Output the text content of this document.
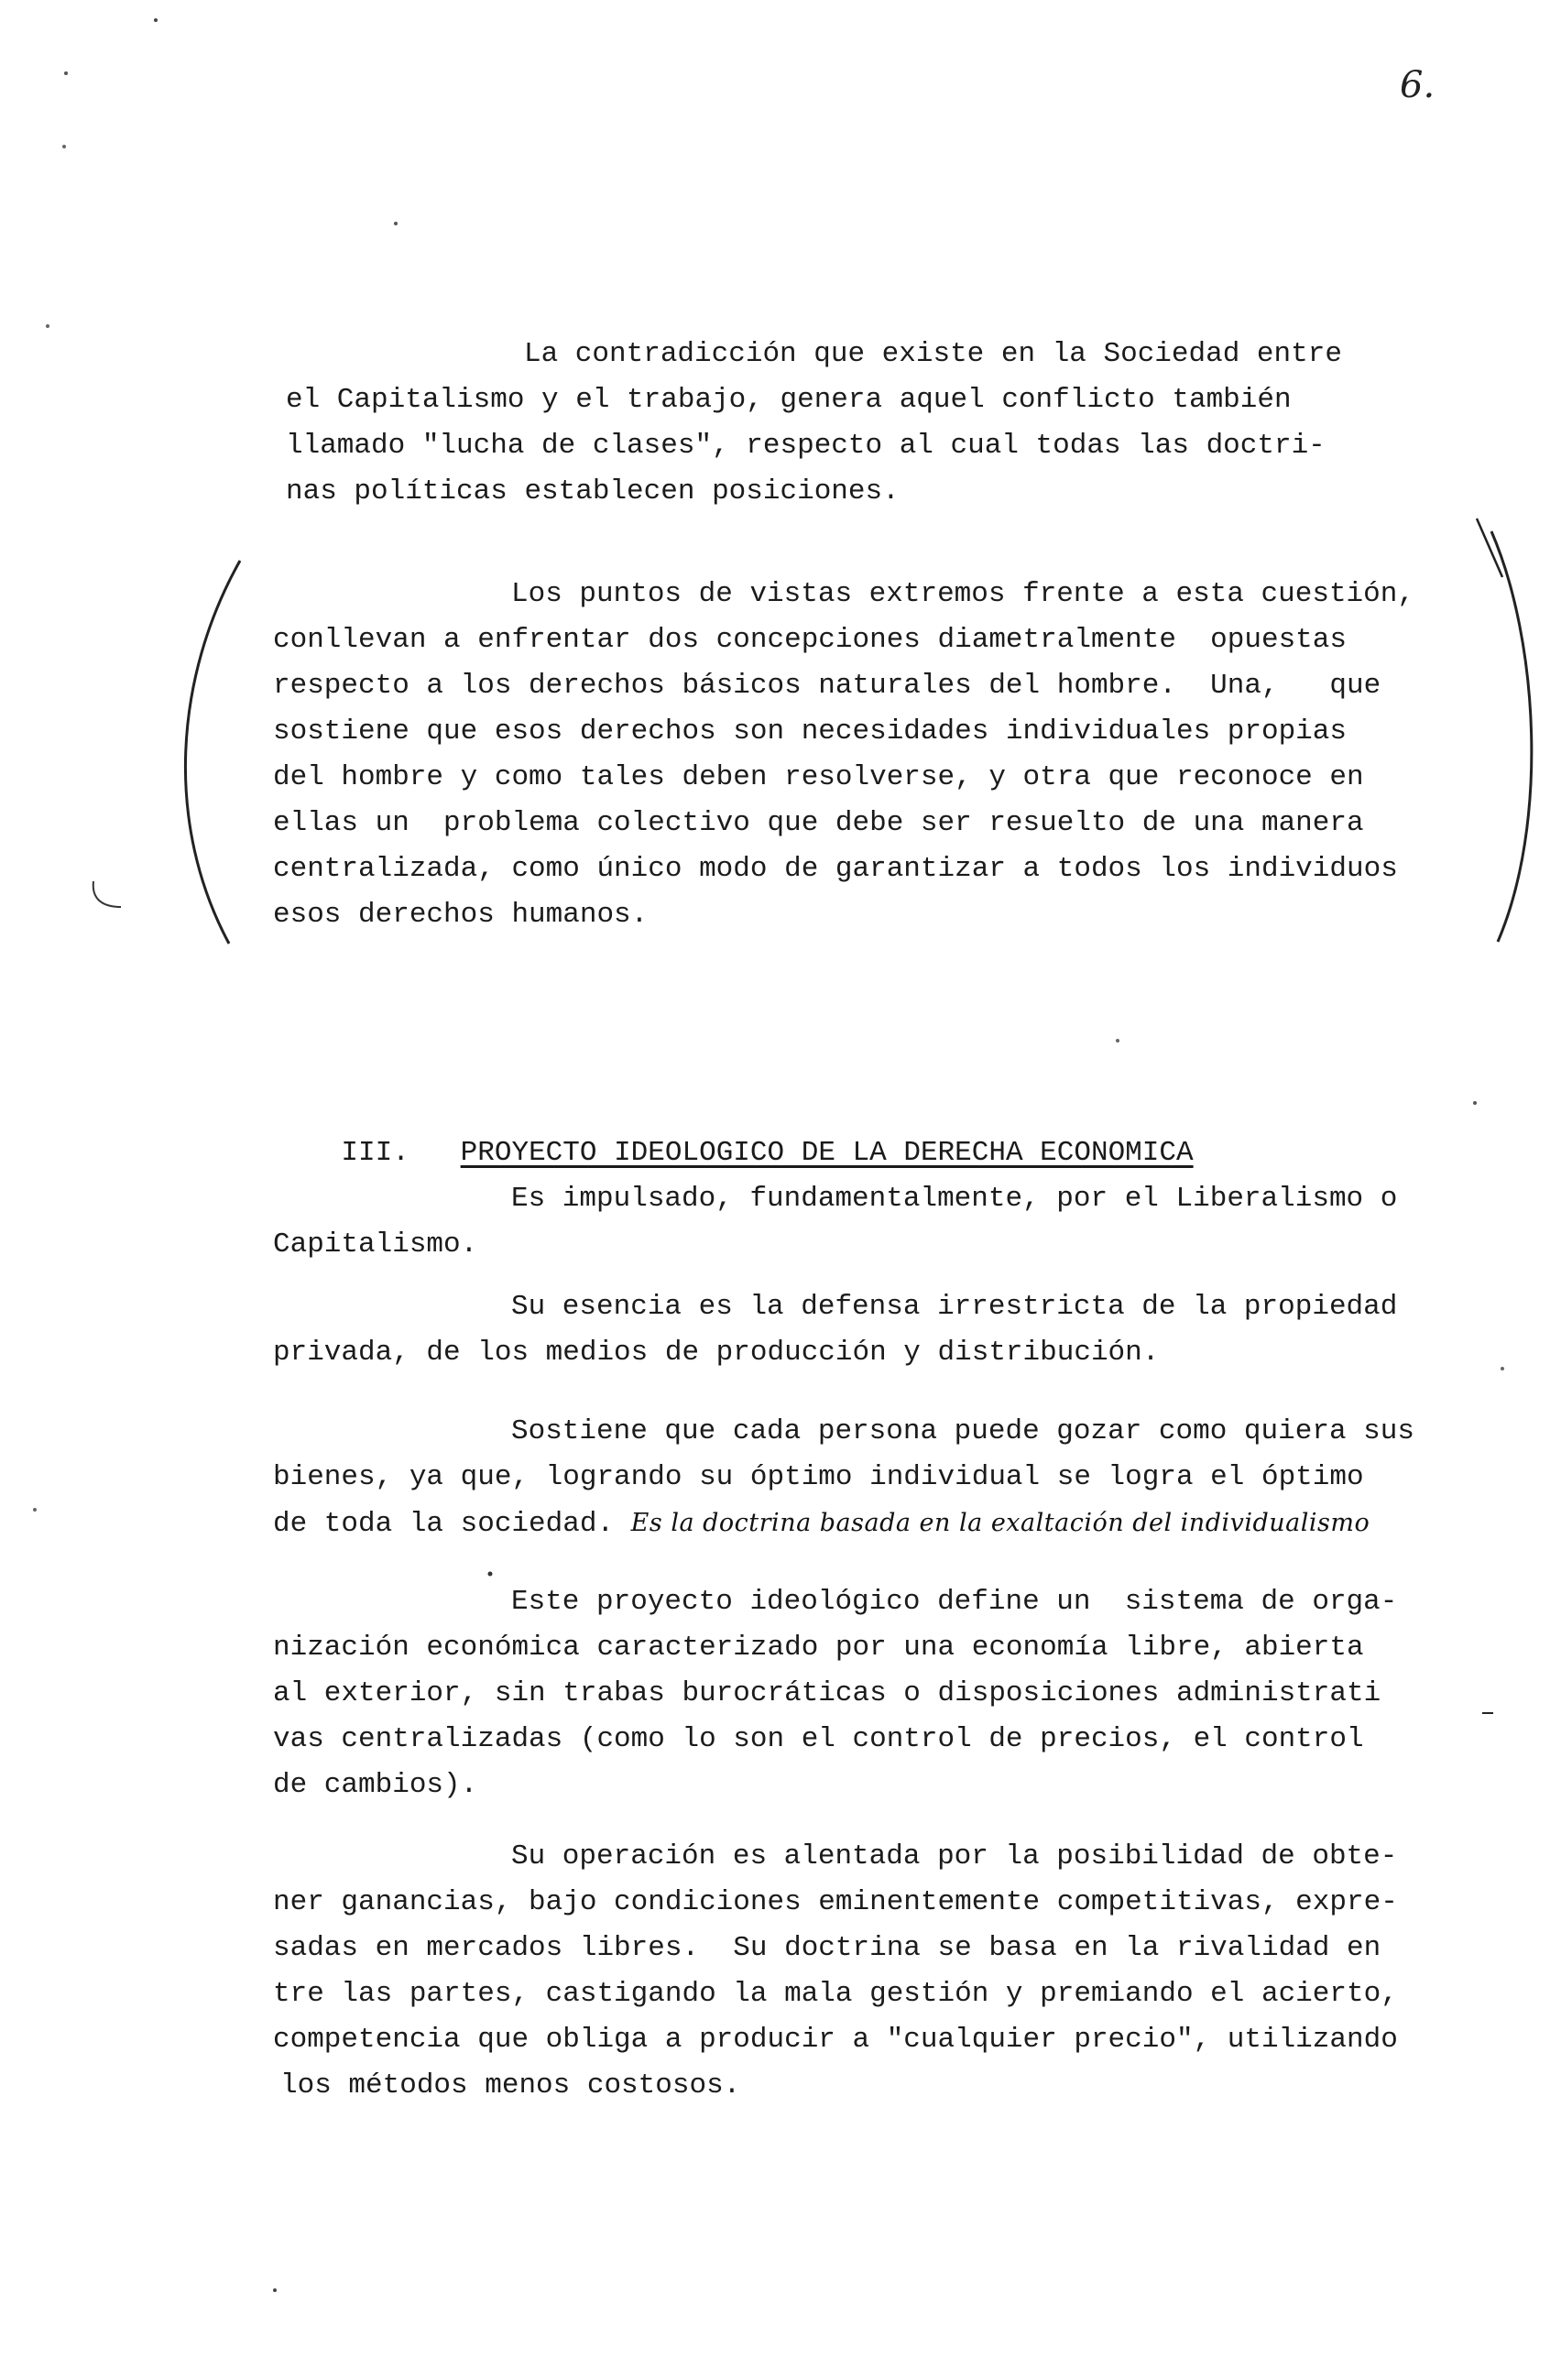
6.

La contradicción que existe en la Sociedad entre

el Capitalismo y el trabajo, genera aquel conflicto también

llamado "lucha de clases", respecto al cual todas las doctri-

nas políticas establecen posiciones.

Los puntos de vistas extremos frente a esta cuestión,

conllevan a enfrentar dos concepciones diametralmente  opuestas

respecto a los derechos básicos naturales del hombre.  Una,   que

sostiene que esos derechos son necesidades individuales propias

del hombre y como tales deben resolverse, y otra que reconoce en

ellas un  problema colectivo que debe ser resuelto de una manera

centralizada, como único modo de garantizar a todos los individuos

esos derechos humanos.

III. PROYECTO IDEOLOGICO DE LA DERECHA ECONOMICA

Es impulsado, fundamentalmente, por el Liberalismo o

Capitalismo.

Su esencia es la defensa irrestricta de la propiedad

privada, de los medios de producción y distribución.

Sostiene que cada persona puede gozar como quiera sus

bienes, ya que, logrando su óptimo individual se logra el óptimo

de toda la sociedad. Es la doctrina basada en la exaltación del individualismo

Este proyecto ideológico define un  sistema de orga-

nización económica caracterizado por una economía libre, abierta

al exterior, sin trabas burocráticas o disposiciones administrati

vas centralizadas (como lo son el control de precios, el control

de cambios).

Su operación es alentada por la posibilidad de obte-

ner ganancias, bajo condiciones eminentemente competitivas, expre-

sadas en mercados libres.  Su doctrina se basa en la rivalidad en

tre las partes, castigando la mala gestión y premiando el acierto,

competencia que obliga a producir a "cualquier precio", utilizando

los métodos menos costosos.
